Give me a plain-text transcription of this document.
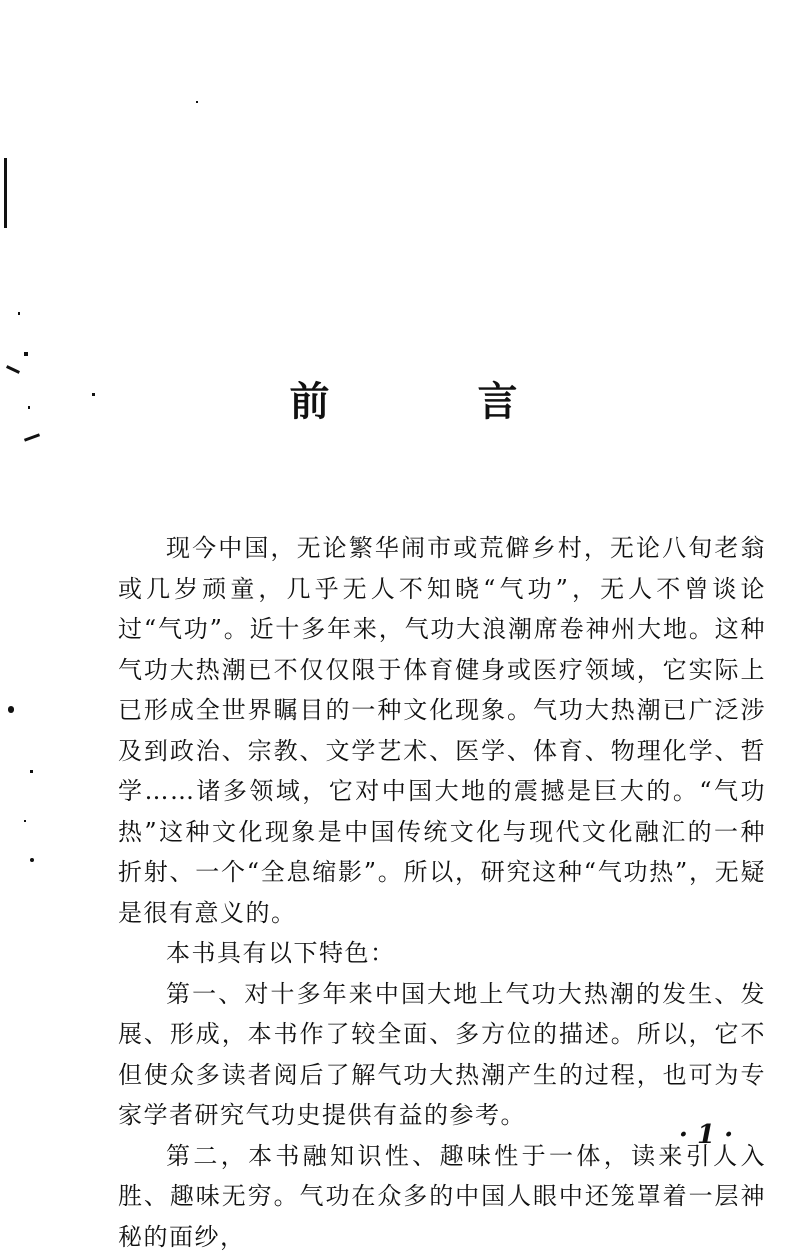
前　言

现今中国，无论繁华闹市或荒僻乡村，无论八旬老翁或几岁顽童，几乎无人不知晓“气功”，无人不曾谈论过“气功”。近十多年来，气功大浪潮席卷神州大地。这种气功大热潮已不仅仅限于体育健身或医疗领域，它实际上已形成全世界瞩目的一种文化现象。气功大热潮已广泛涉及到政治、宗教、文学艺术、医学、体育、物理化学、哲学……诸多领域，它对中国大地的震撼是巨大的。“气功热”这种文化现象是中国传统文化与现代文化融汇的一种折射、一个“全息缩影”。所以，研究这种“气功热”，无疑是很有意义的。

本书具有以下特色：

第一、对十多年来中国大地上气功大热潮的发生、发展、形成，本书作了较全面、多方位的描述。所以，它不但使众多读者阅后了解气功大热潮产生的过程，也可为专家学者研究气功史提供有益的参考。

第二，本书融知识性、趣味性于一体，读来引人入胜、趣味无穷。气功在众多的中国人眼中还笼罩着一层神秘的面纱，

· 1 ·
